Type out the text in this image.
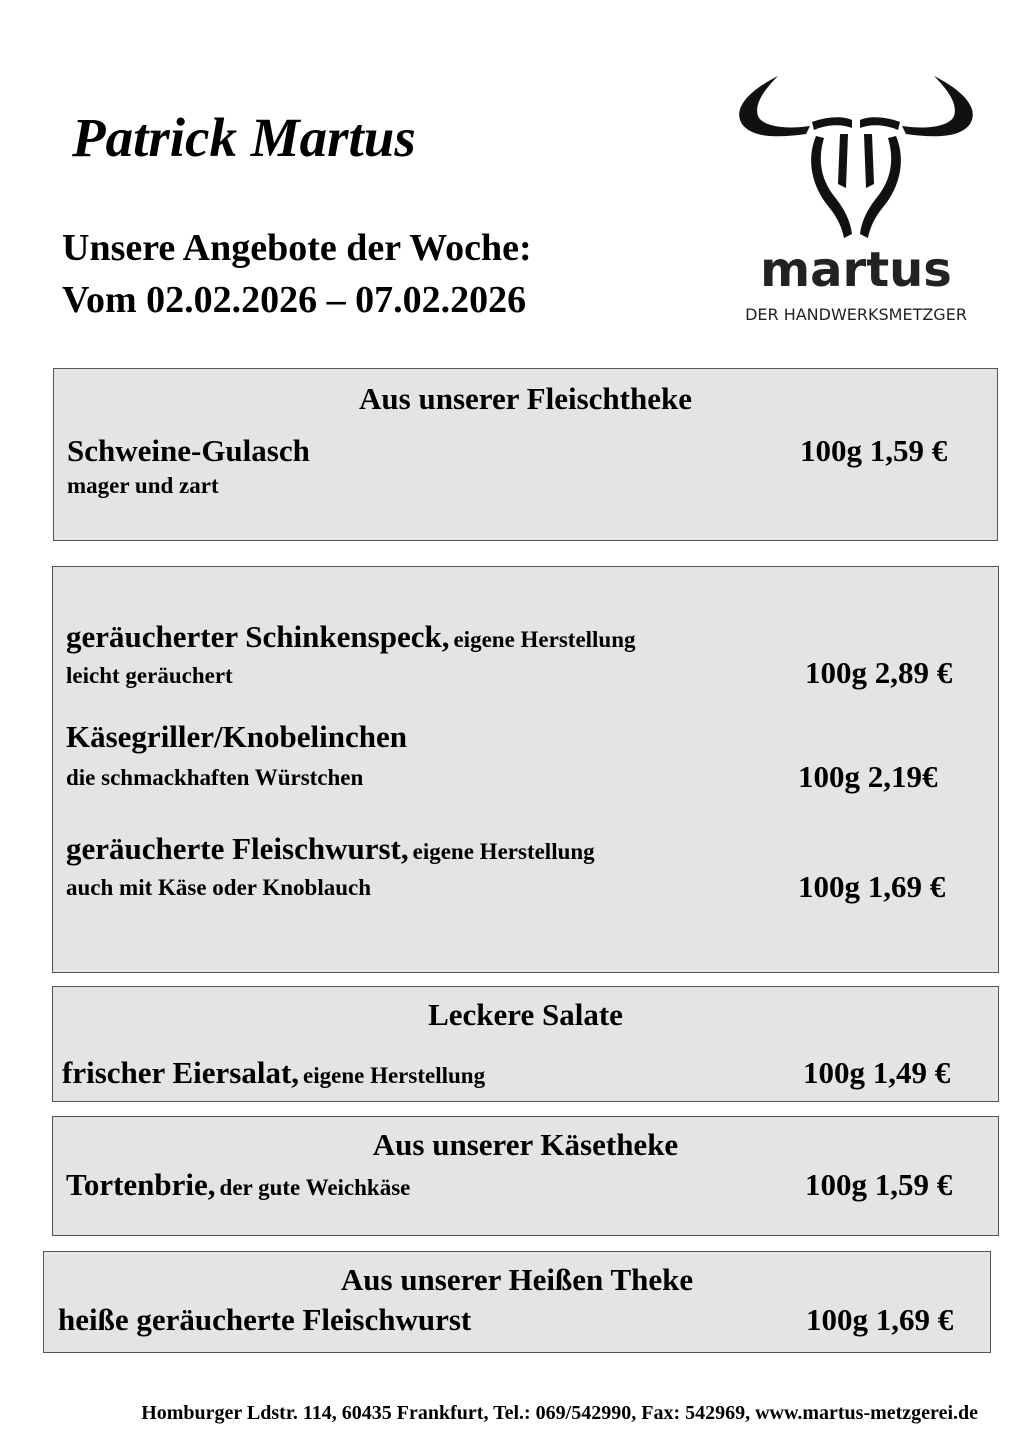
Patrick Martus
Unsere Angebote der Woche:
Vom 02.02.2026 – 07.02.2026
martus
DER HANDWERKSMETZGER
Aus unserer Fleischtheke
Schweine-Gulasch
mager und zart
100g 1,59 €
geräucherter Schinkenspeck, eigene Herstellung
leicht geräuchert	100g 2,89 €
Käsegriller/Knobelinchen
die schmackhaften Würstchen	100g 2,19€
geräucherte Fleischwurst, eigene Herstellung
auch mit Käse oder Knoblauch	100g 1,69 €
Leckere Salate
frischer Eiersalat, eigene Herstellung	100g 1,49 €
Aus unserer Käsetheke
Tortenbrie, der gute Weichkäse	100g 1,59 €
Aus unserer Heißen Theke
heiße geräucherte Fleischwurst	100g 1,69 €
Homburger Ldstr. 114, 60435 Frankfurt, Tel.: 069/542990, Fax: 542969, www.martus-metzgerei.de
